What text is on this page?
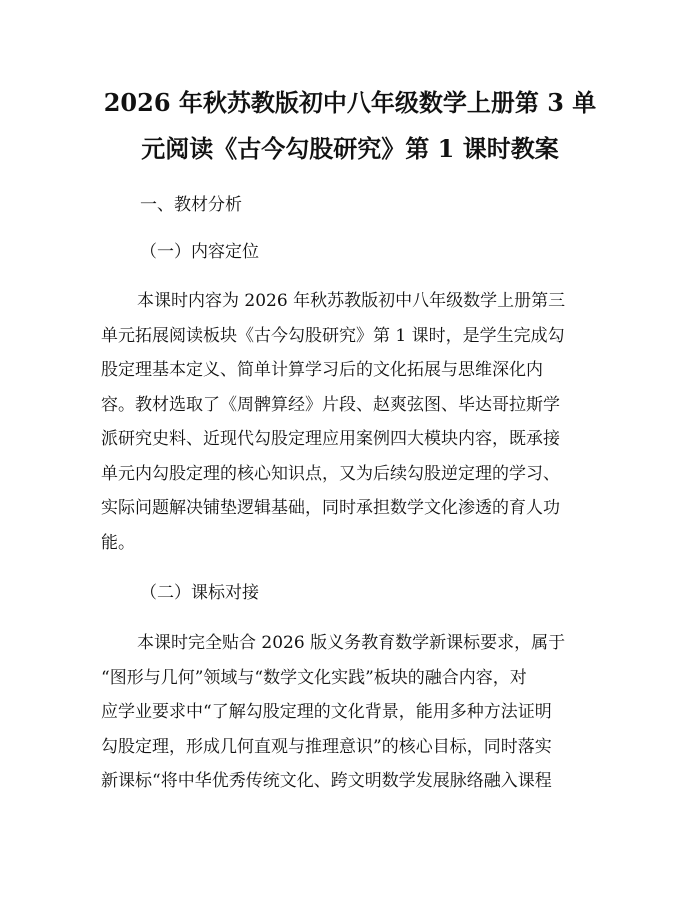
2026 年秋苏教版初中八年级数学上册第 3 单
元阅读《古今勾股研究》第 1 课时教案
一、教材分析
（一）内容定位
本课时内容为 2026 年秋苏教版初中八年级数学上册第三
单元拓展阅读板块《古今勾股研究》第 1 课时，是学生完成勾
股定理基本定义、简单计算学习后的文化拓展与思维深化内
容。教材选取了《周髀算经》片段、赵爽弦图、毕达哥拉斯学
派研究史料、近现代勾股定理应用案例四大模块内容，既承接
单元内勾股定理的核心知识点，又为后续勾股逆定理的学习、
实际问题解决铺垫逻辑基础，同时承担数学文化渗透的育人功
能。
（二）课标对接
本课时完全贴合 2026 版义务教育数学新课标要求，属于
“图形与几何”领域与“数学文化实践”板块的融合内容，对
应学业要求中“了解勾股定理的文化背景，能用多种方法证明
勾股定理，形成几何直观与推理意识”的核心目标，同时落实
新课标“将中华优秀传统文化、跨文明数学发展脉络融入课程
